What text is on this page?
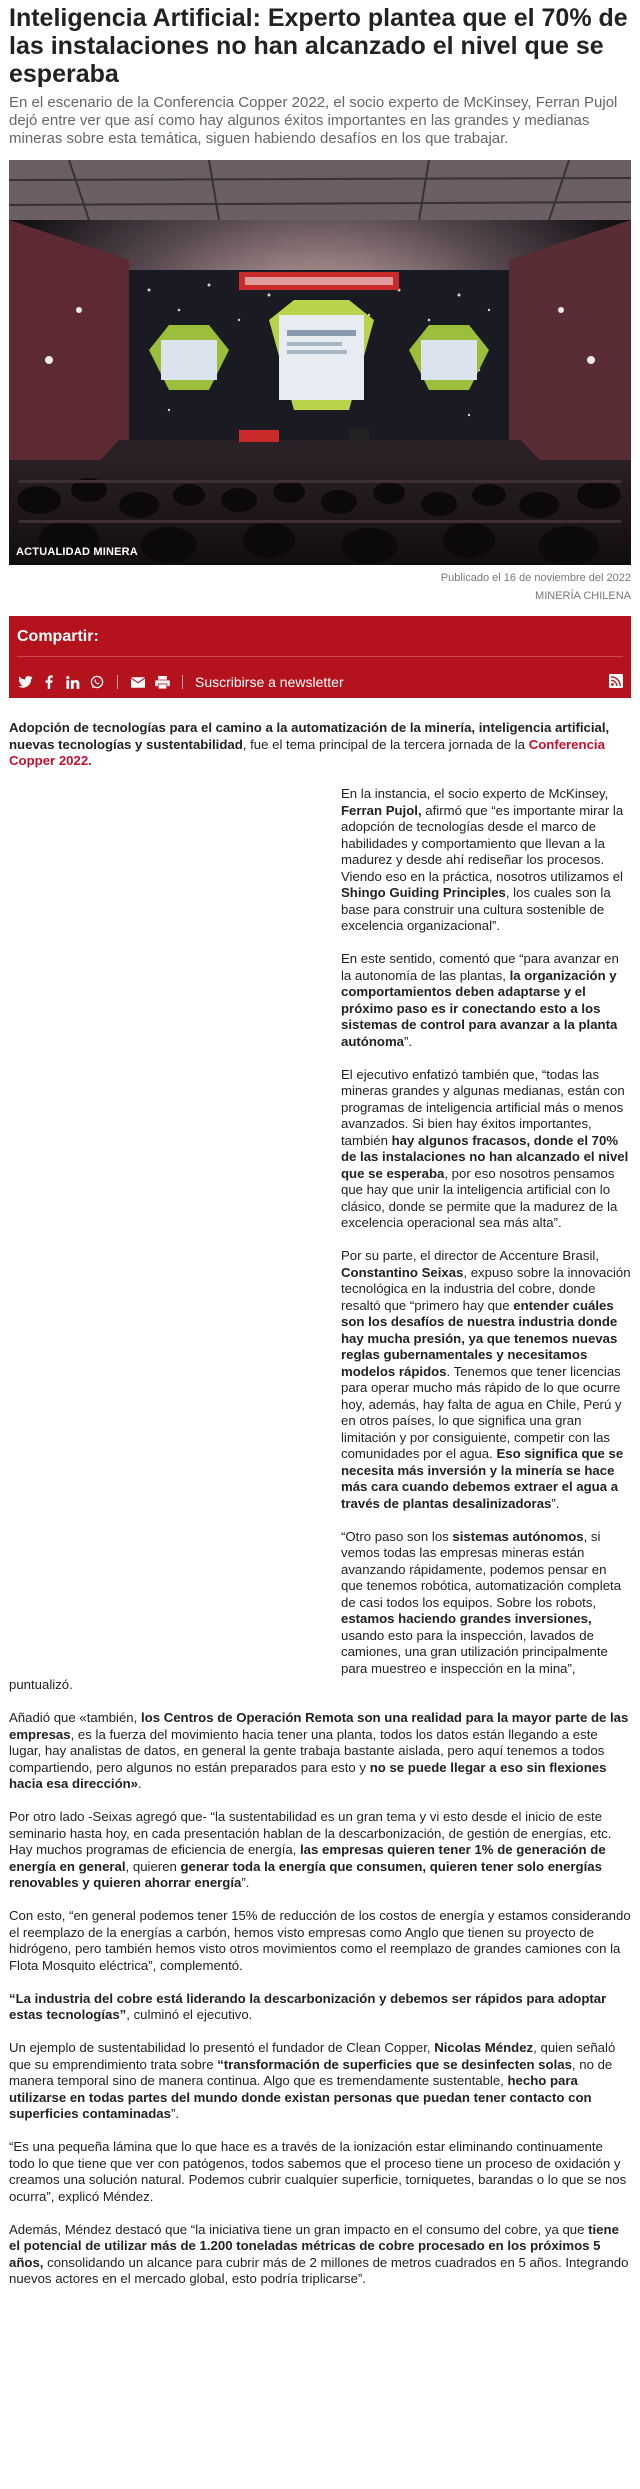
Inteligencia Artificial: Experto plantea que el 70% de las instalaciones no han alcanzado el nivel que se esperaba

En el escenario de la Conferencia Copper 2022, el socio experto de McKinsey, Ferran Pujol dejó entre ver que así como hay algunos éxitos importantes en las grandes y medianas mineras sobre esta temática, siguen habiendo desafíos en los que trabajar.

ACTUALIDAD MINERA
Publicado el 16 de noviembre del 2022
MINERÍA CHILENA
Compartir:
Suscribirse a newsletter

Adopción de tecnologías para el camino a la automatización de la minería, inteligencia artificial, nuevas tecnologías y sustentabilidad, fue el tema principal de la tercera jornada de la Conferencia Copper 2022.

En la instancia, el socio experto de McKinsey, Ferran Pujol, afirmó que “es importante mirar la adopción de tecnologías desde el marco de habilidades y comportamiento que llevan a la madurez y desde ahí rediseñar los procesos. Viendo eso en la práctica, nosotros utilizamos el Shingo Guiding Principles, los cuales son la base para construir una cultura sostenible de excelencia organizacional”.

En este sentido, comentó que “para avanzar en la autonomía de las plantas, la organización y comportamientos deben adaptarse y el próximo paso es ir conectando esto a los sistemas de control para avanzar a la planta autónoma”.

El ejecutivo enfatizó también que, “todas las mineras grandes y algunas medianas, están con programas de inteligencia artificial más o menos avanzados. Si bien hay éxitos importantes, también hay algunos fracasos, donde el 70% de las instalaciones no han alcanzado el nivel que se esperaba, por eso nosotros pensamos que hay que unir la inteligencia artificial con lo clásico, donde se permite que la madurez de la excelencia operacional sea más alta”.

Por su parte, el director de Accenture Brasil, Constantino Seixas, expuso sobre la innovación tecnológica en la industria del cobre, donde resaltó que “primero hay que entender cuáles son los desafíos de nuestra industria donde hay mucha presión, ya que tenemos nuevas reglas gubernamentales y necesitamos modelos rápidos. Tenemos que tener licencias para operar mucho más rápido de lo que ocurre hoy, además, hay falta de agua en Chile, Perú y en otros países, lo que significa una gran limitación y por consiguiente, competir con las comunidades por el agua. Eso significa que se necesita más inversión y la minería se hace más cara cuando debemos extraer el agua a través de plantas desalinizadoras”.

“Otro paso son los sistemas autónomos, si vemos todas las empresas mineras están avanzando rápidamente, podemos pensar en que tenemos robótica, automatización completa de casi todos los equipos. Sobre los robots, estamos haciendo grandes inversiones, usando esto para la inspección, lavados de camiones, una gran utilización principalmente para muestreo e inspección en la mina”, puntualizó.

Añadió que «también, los Centros de Operación Remota son una realidad para la mayor parte de las empresas, es la fuerza del movimiento hacia tener una planta, todos los datos están llegando a este lugar, hay analistas de datos, en general la gente trabaja bastante aislada, pero aquí tenemos a todos compartiendo, pero algunos no están preparados para esto y no se puede llegar a eso sin flexiones hacia esa dirección».

Por otro lado -Seixas agregó que- “la sustentabilidad es un gran tema y vi esto desde el inicio de este seminario hasta hoy, en cada presentación hablan de la descarbonización, de gestión de energías, etc. Hay muchos programas de eficiencia de energía, las empresas quieren tener 1% de generación de energía en general, quieren generar toda la energía que consumen, quieren tener solo energías renovables y quieren ahorrar energía”.

Con esto, “en general podemos tener 15% de reducción de los costos de energía y estamos considerando el reemplazo de la energías a carbón, hemos visto empresas como Anglo que tienen su proyecto de hidrógeno, pero también hemos visto otros movimientos como el reemplazo de grandes camiones con la Flota Mosquito eléctrica”, complementó.

“La industria del cobre está liderando la descarbonización y debemos ser rápidos para adoptar estas tecnologías”, culminó el ejecutivo.

Un ejemplo de sustentabilidad lo presentó el fundador de Clean Copper, Nicolas Méndez, quien señaló que su emprendimiento trata sobre “transformación de superficies que se desinfecten solas, no de manera temporal sino de manera continua. Algo que es tremendamente sustentable, hecho para utilizarse en todas partes del mundo donde existan personas que puedan tener contacto con superficies contaminadas”.

“Es una pequeña lámina que lo que hace es a través de la ionización estar eliminando continuamente todo lo que tiene que ver con patógenos, todos sabemos que el proceso tiene un proceso de oxidación y creamos una solución natural. Podemos cubrir cualquier superficie, torniquetes, barandas o lo que se nos ocurra”, explicó Méndez.

Además, Méndez destacó que “la iniciativa tiene un gran impacto en el consumo del cobre, ya que tiene el potencial de utilizar más de 1.200 toneladas métricas de cobre procesado en los próximos 5 años, consolidando un alcance para cubrir más de 2 millones de metros cuadrados en 5 años. Integrando nuevos actores en el mercado global, esto podría triplicarse”.
